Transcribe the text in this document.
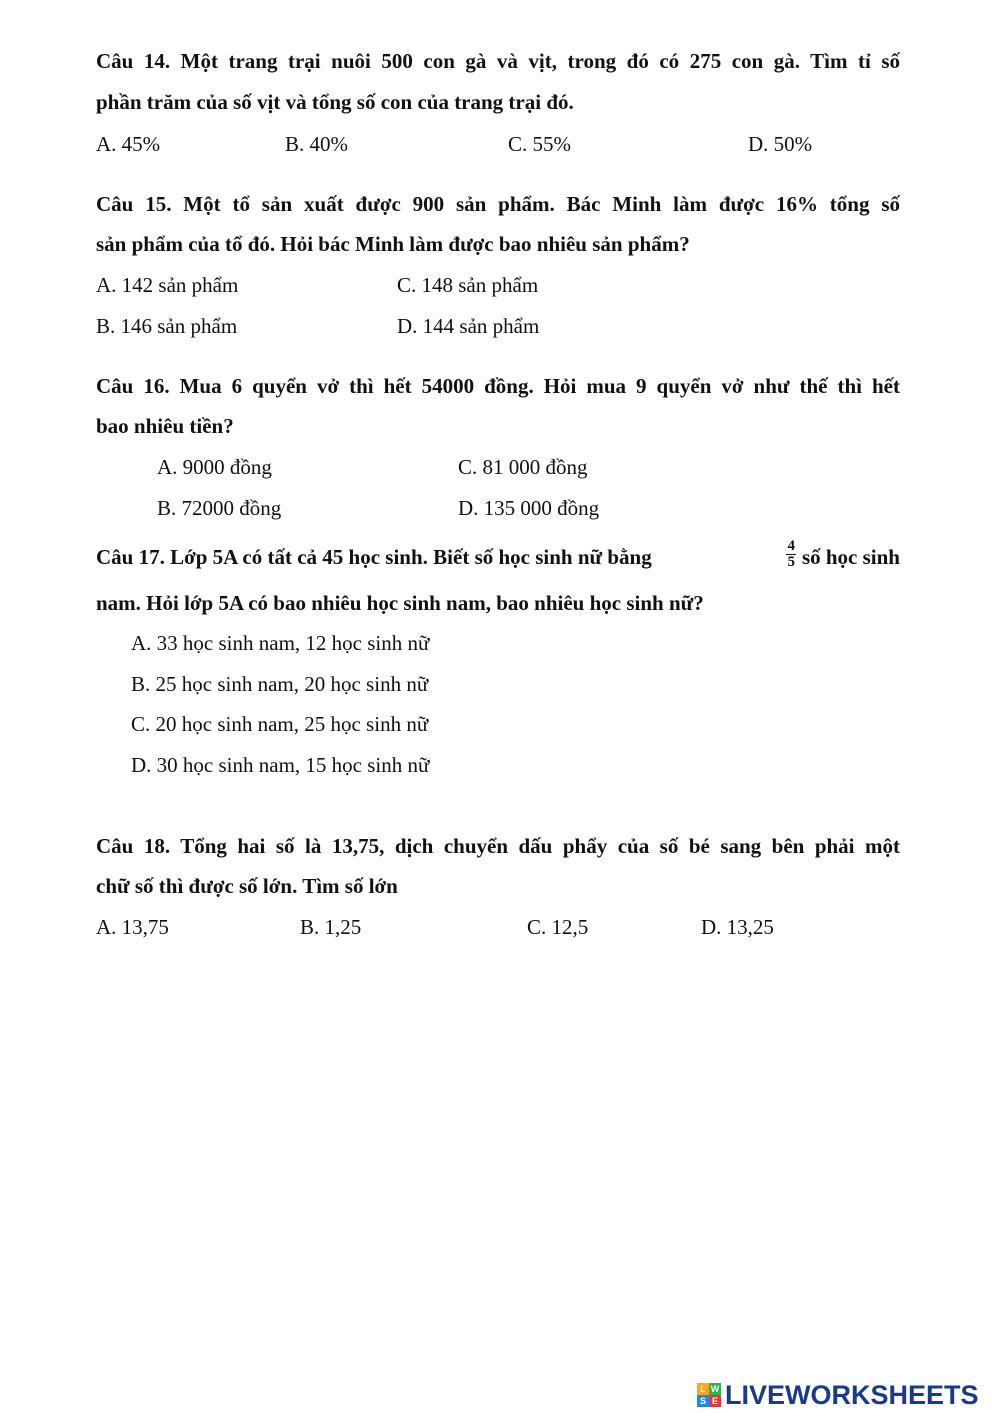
Câu 14. Một trang trại nuôi 500 con gà và vịt, trong đó có 275 con gà. Tìm tỉ số
phần trăm của số vịt và tổng số con của trang trại đó.
A. 45%	B. 40%	C. 55%	D. 50%
Câu 15. Một tổ sản xuất được 900 sản phẩm. Bác Minh làm được 16% tổng số
sản phẩm của tổ đó. Hỏi bác Minh làm được bao nhiêu sản phẩm?
A. 142 sản phẩm	C. 148 sản phẩm
B. 146 sản phẩm	D. 144 sản phẩm
Câu 16. Mua 6 quyển vở thì hết 54000 đồng. Hỏi mua 9 quyển vở như thế thì hết
bao nhiêu tiền?
A. 9000 đồng	C. 81 000 đồng
B. 72000 đồng	D. 135 000 đồng
Câu 17. Lớp 5A có tất cả 45 học sinh. Biết số học sinh nữ bằng	$\frac{4}{5}$ số học sinh
nam. Hỏi lớp 5A có bao nhiêu học sinh nam, bao nhiêu học sinh nữ?
A. 33 học sinh nam, 12 học sinh nữ
B. 25 học sinh nam, 20 học sinh nữ
C. 20 học sinh nam, 25 học sinh nữ
D. 30 học sinh nam, 15 học sinh nữ
Câu 18. Tổng hai số là 13,75, dịch chuyển dấu phẩy của số bé sang bên phải một
chữ số thì được số lớn. Tìm số lớn
A. 13,75	B. 1,25	C. 12,5	D. 13,25
L W
S E LIVEWORKSHEETS
